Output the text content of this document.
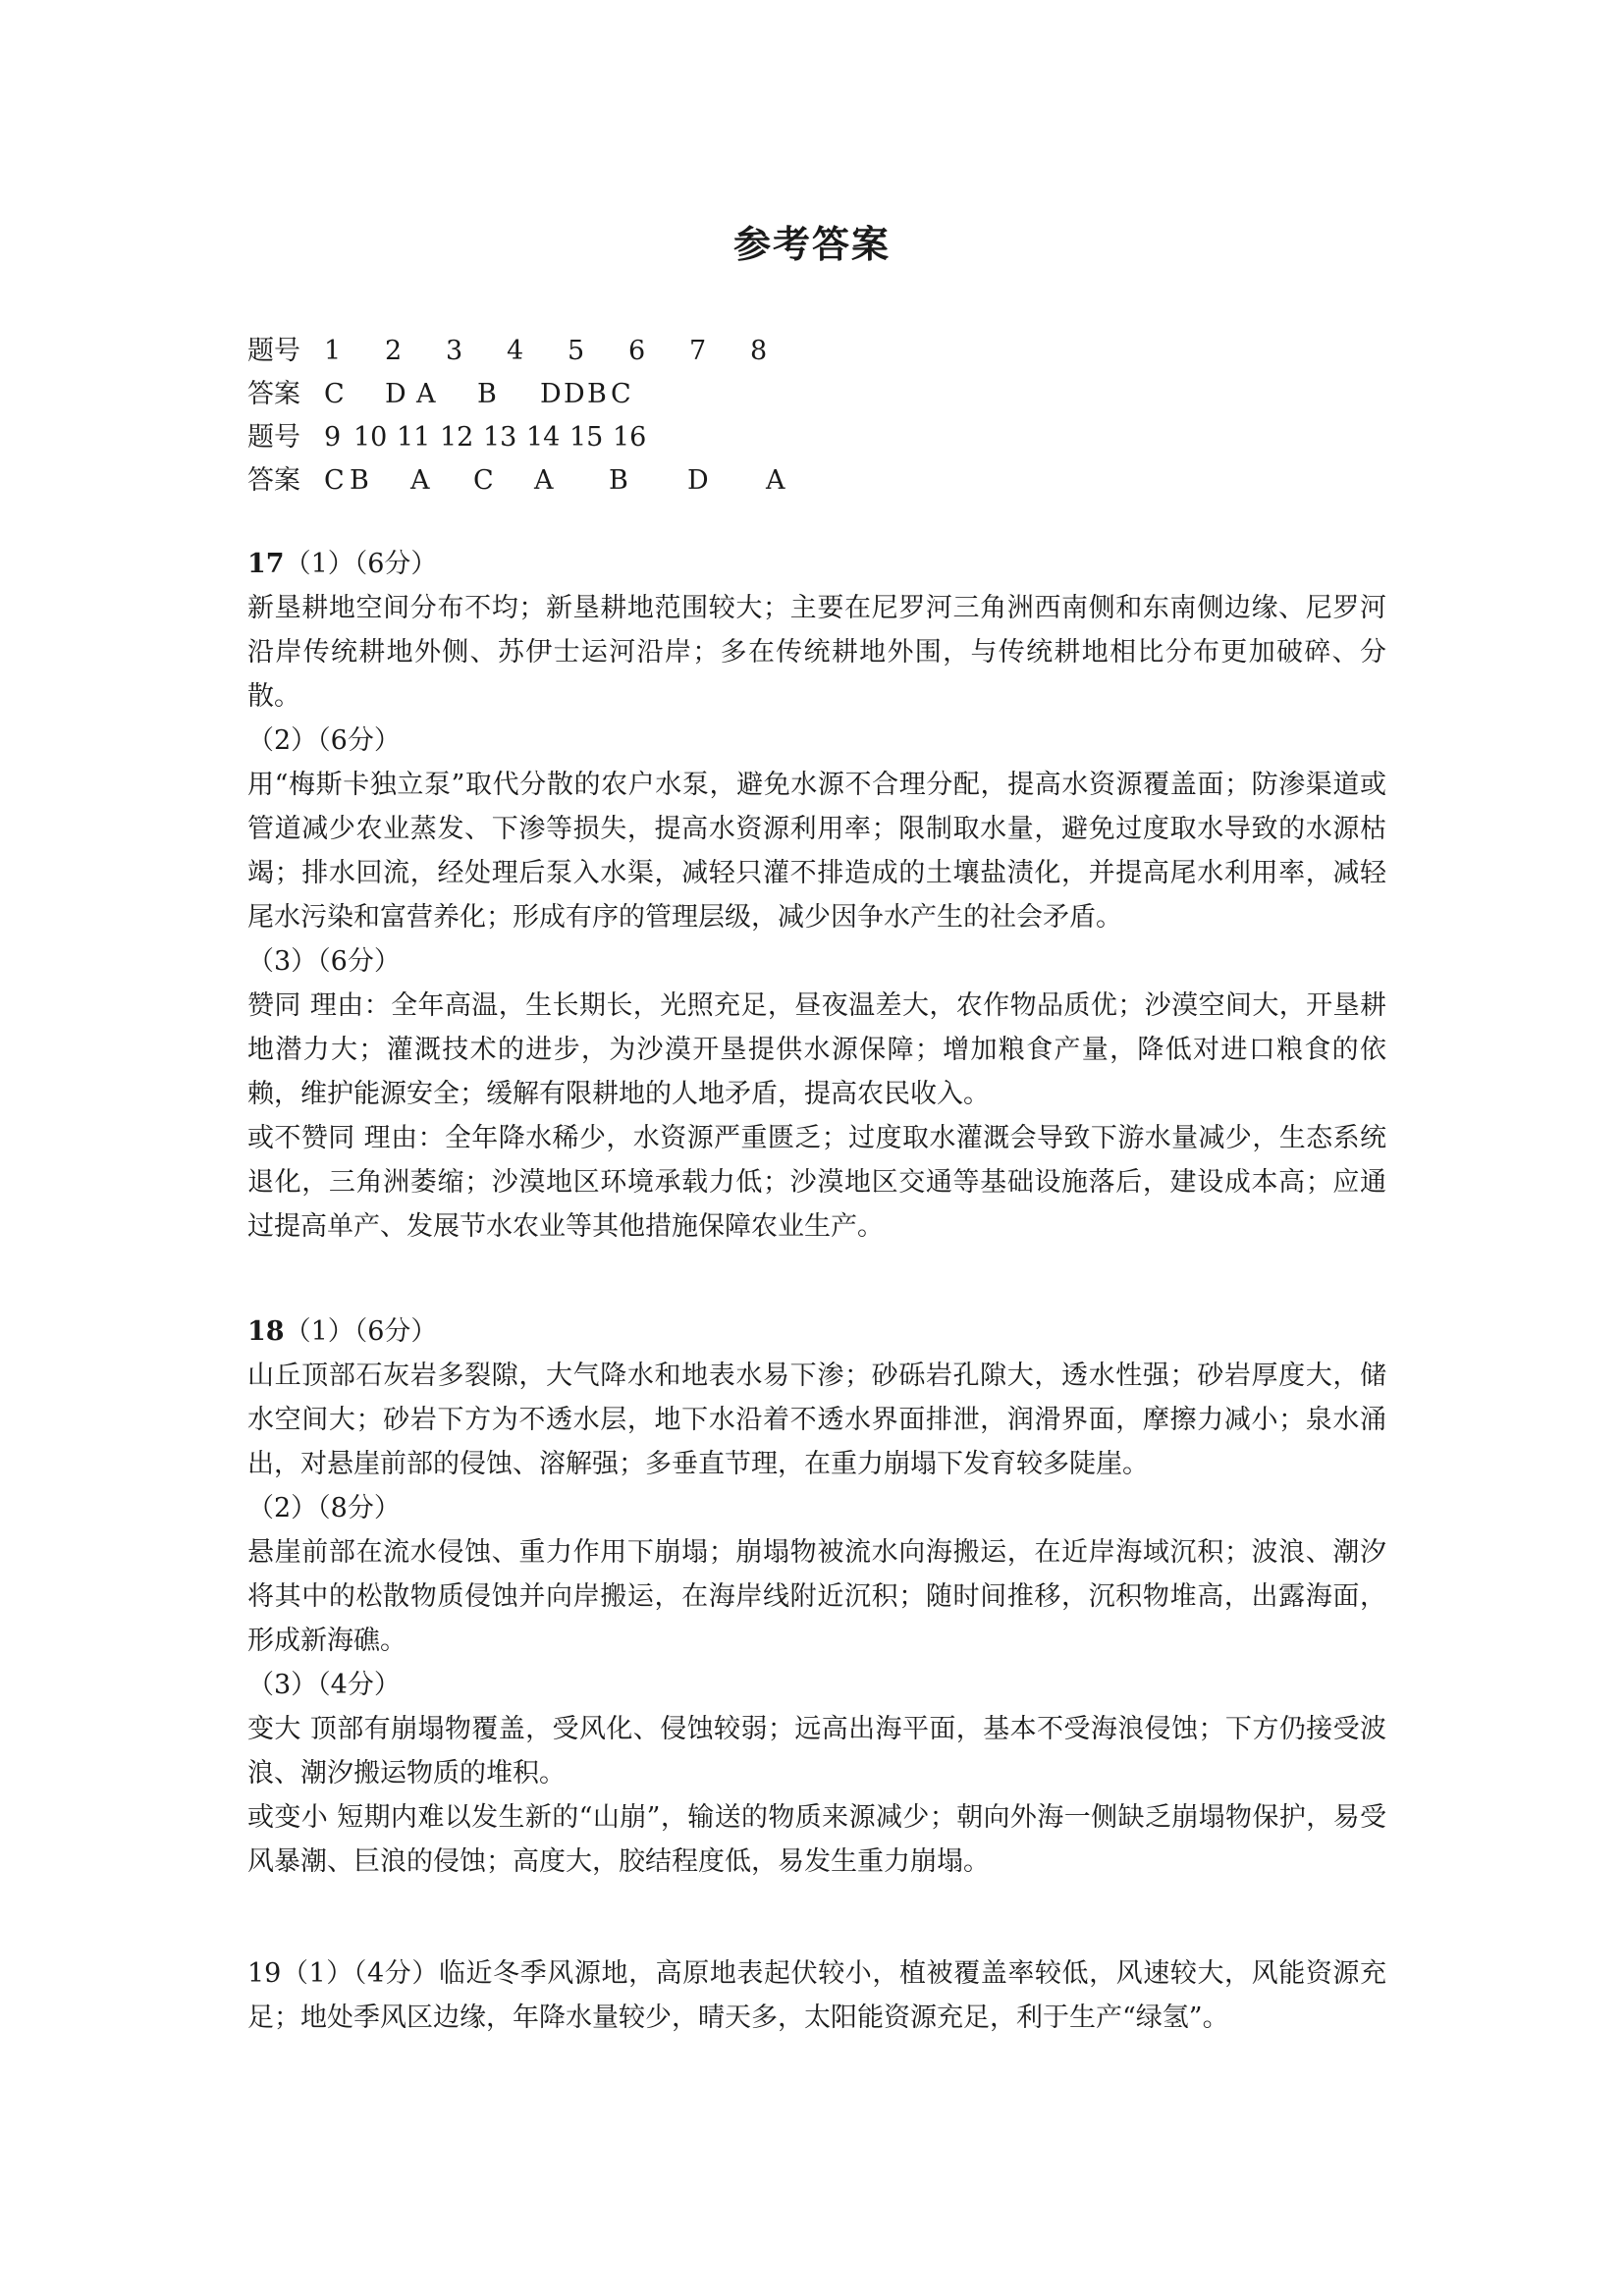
参考答案
题号 1 2 3 4 5 6 7 8
答案 C D A B D D B C
题号 9 10 11 12 13 14 15 16
答案 C B A C A B D A

17（1）（6分）

新垦耕地空间分布不均；新垦耕地范围较大；主要在尼罗河三角洲西南侧和东南侧边缘、尼罗河沿岸传统耕地外侧、苏伊士运河沿岸；多在传统耕地外围，与传统耕地相比分布更加破碎、分散。

（2）（6分）

用“梅斯卡独立泵”取代分散的农户水泵，避免水源不合理分配，提高水资源覆盖面；防渗渠道或管道减少农业蒸发、下渗等损失，提高水资源利用率；限制取水量，避免过度取水导致的水源枯竭；排水回流，经处理后泵入水渠，减轻只灌不排造成的土壤盐渍化，并提高尾水利用率，减轻尾水污染和富营养化；形成有序的管理层级，减少因争水产生的社会矛盾。

（3）（6分）

赞同 理由：全年高温，生长期长，光照充足，昼夜温差大，农作物品质优；沙漠空间大，开垦耕地潜力大；灌溉技术的进步，为沙漠开垦提供水源保障；增加粮食产量，降低对进口粮食的依赖，维护能源安全；缓解有限耕地的人地矛盾，提高农民收入。

或不赞同 理由：全年降水稀少，水资源严重匮乏；过度取水灌溉会导致下游水量减少，生态系统退化，三角洲萎缩；沙漠地区环境承载力低；沙漠地区交通等基础设施落后，建设成本高；应通过提高单产、发展节水农业等其他措施保障农业生产。

18（1）（6分）

山丘顶部石灰岩多裂隙，大气降水和地表水易下渗；砂砾岩孔隙大，透水性强；砂岩厚度大，储水空间大；砂岩下方为不透水层，地下水沿着不透水界面排泄，润滑界面，摩擦力减小；泉水涌出，对悬崖前部的侵蚀、溶解强；多垂直节理，在重力崩塌下发育较多陡崖。

（2）（8分）

悬崖前部在流水侵蚀、重力作用下崩塌；崩塌物被流水向海搬运，在近岸海域沉积；波浪、潮汐将其中的松散物质侵蚀并向岸搬运，在海岸线附近沉积；随时间推移，沉积物堆高，出露海面，形成新海礁。

（3）（4分）

变大 顶部有崩塌物覆盖，受风化、侵蚀较弱；远高出海平面，基本不受海浪侵蚀；下方仍接受波浪、潮汐搬运物质的堆积。

或变小 短期内难以发生新的“山崩”，输送的物质来源减少；朝向外海一侧缺乏崩塌物保护，易受风暴潮、巨浪的侵蚀；高度大，胶结程度低，易发生重力崩塌。

19（1）（4分）临近冬季风源地，高原地表起伏较小，植被覆盖率较低，风速较大，风能资源充足；地处季风区边缘，年降水量较少，晴天多，太阳能资源充足，利于生产“绿氢”。
